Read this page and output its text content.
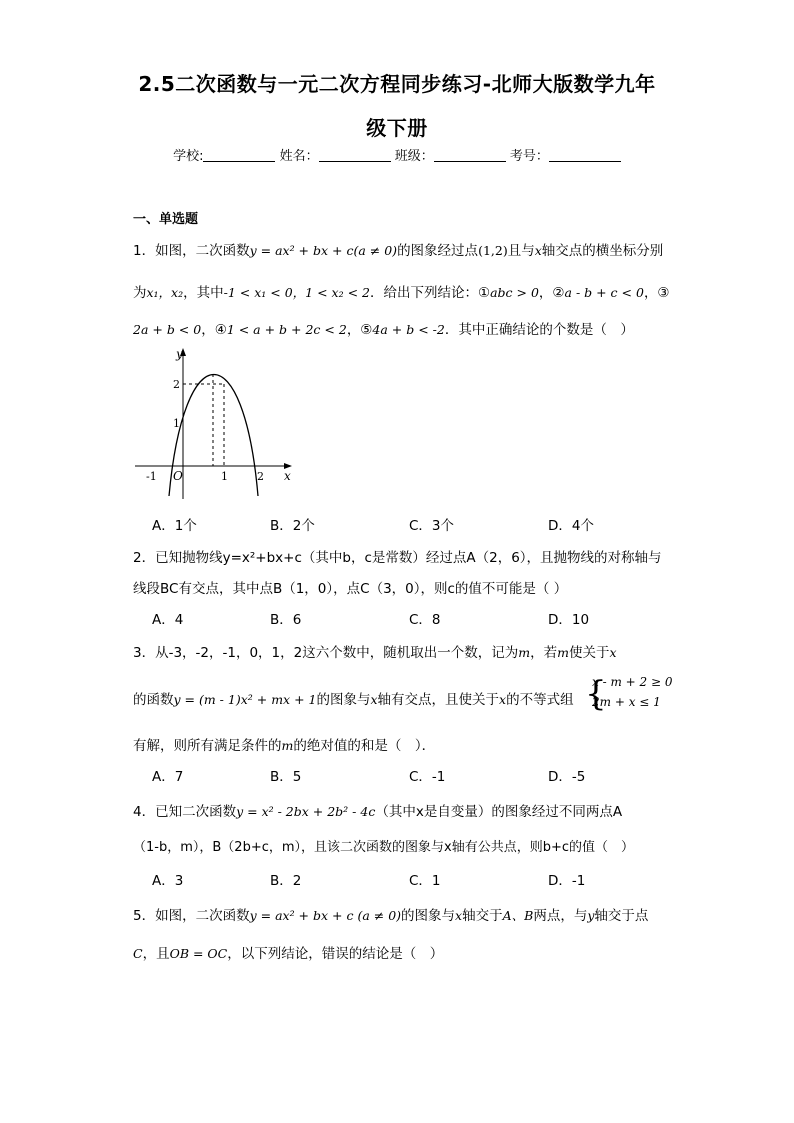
2.5二次函数与一元二次方程同步练习-北师大版数学九年
级下册
学校:	姓名：	班级：	考号：
一、单选题
1．如图，二次函数y = ax² + bx + c(a ≠ 0)的图象经过点(1,2)且与x轴交点的横坐标分别
为x₁，x₂，其中-1 < x₁ < 0，1 < x₂ < 2．给出下列结论：①abc > 0，②a - b + c < 0，③
2a + b < 0，④1 < a + b + 2c < 2，⑤4a + b < -2．其中正确结论的个数是（　）
y
x
O
-1	1	2
2
1
A．1个	B．2个	C．3个	D．4个
2．已知抛物线y=x²+bx+c（其中b，c是常数）经过点A（2，6），且抛物线的对称轴与
线段BC有交点，其中点B（1，0），点C（3，0），则c的值不可能是（ ）
A．4	B．6	C．8	D．10
3．从-3，-2，-1，0，1，2这六个数中，随机取出一个数，记为m，若m使关于x
的函数y = (m - 1)x² + mx + 1的图象与x轴有交点，且使关于x的不等式组 {
x - m + 2 ≥ 0
2m + x ≤ 1
有解，则所有满足条件的m的绝对值的和是（　）．
A．7	B．5	C．-1	D．-5
4．已知二次函数y = x² - 2bx + 2b² - 4c（其中x是自变量）的图象经过不同两点A
（1-b，m），B（2b+c，m），且该二次函数的图象与x轴有公共点，则b+c的值（　）
A．3	B．2	C．1	D．-1
5．如图，二次函数y = ax² + bx + c (a ≠ 0)的图象与x轴交于A、B两点，与y轴交于点
C，且OB = OC，以下列结论，错误的结论是（　）
